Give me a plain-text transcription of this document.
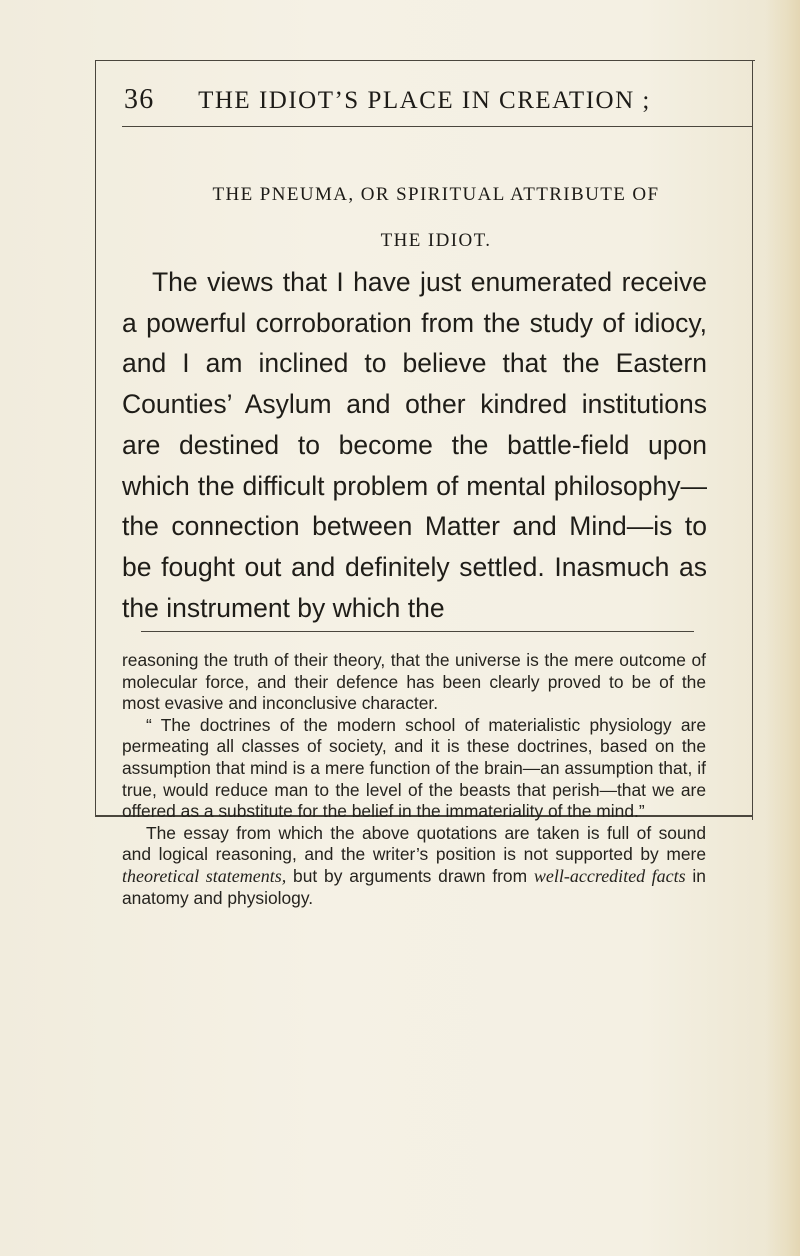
36 THE IDIOT’S PLACE IN CREATION ;
THE PNEUMA, OR SPIRITUAL ATTRIBUTE OF
THE IDIOT.

The views that I have just enumerated receive a powerful corroboration from the study of idiocy, and I am inclined to believe that the Eastern Counties’ Asylum and other kindred institutions are destined to become the battle-field upon which the difficult problem of mental philosophy—the connection between Matter and Mind—is to be fought out and definitely settled. Inasmuch as the instrument by which the

reasoning the truth of their theory, that the universe is the mere outcome of molecular force, and their defence has been clearly proved to be of the most evasive and inconclusive character.

“ The doctrines of the modern school of materialistic physiology are permeating all classes of society, and it is these doctrines, based on the assumption that mind is a mere function of the brain—an assumption that, if true, would reduce man to the level of the beasts that perish—that we are offered as a substitute for the belief in the immateriality of the mind.”

The essay from which the above quotations are taken is full of sound and logical reasoning, and the writer’s position is not supported by mere theoretical statements, but by arguments drawn from well-accredited facts in anatomy and physiology.
